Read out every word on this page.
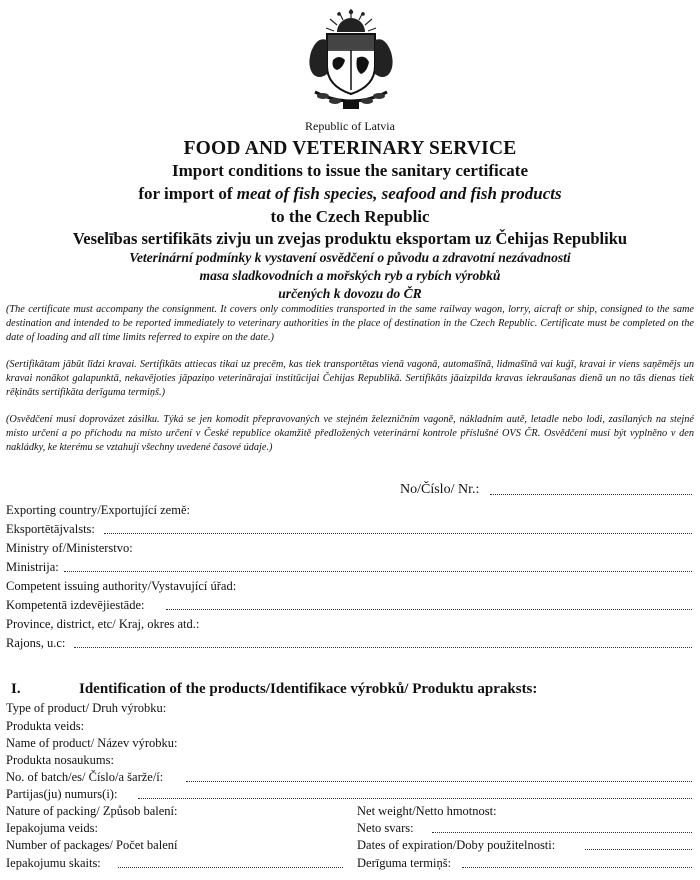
Republic of Latvia
FOOD AND VETERINARY SERVICE
Import conditions to issue the sanitary certificate
for import of meat of fish species, seafood and fish products
to the Czech Republic
Veselības sertifikāts zivju un zvejas produktu eksportam uz Čehijas Republiku
Veterinární podmínky k vystavení osvědčení o původu a zdravotní nezávadnosti
masa sladkovodních a mořských ryb a rybích výrobků
určených k dovozu do ČR

(The certificate must accompany the consignment. It covers only commodities transported in the same railway wagon, lorry, aicraft or ship, consigned to the same destination and intended to be reported immediately to veterinary authorities in the place of destination in the Czech Republic. Certificate must be completed on the date of loading and all time limits referred to expire on the date.)

(Sertifikātam jābūt līdzi kravai. Sertifikāts attiecas tikai uz precēm, kas tiek transportētas vienā vagonā, automašīnā, lidmašīnā vai kuģī, kravai ir viens saņēmējs un kravai nonākot galapunktā, nekavējoties jāpaziņo veterinārajai institūcijai Čehijas Republikā. Sertifikāts jāaizpilda kravas iekraušanas dienā un no tās dienas tiek rēķināts sertifikāta derīguma termiņš.)

(Osvědčení musí doprovázet zásilku. Týká se jen komodit přepravovaných ve stejném železničním vagoně, nákladním autě, letadle nebo lodi, zasílaných na stejné místo určení a po příchodu na místo určení v České republice okamžitě předložených veterinární kontrole příslušné OVS ČR. Osvědčení musí být vyplněno v den nakládky, ke kterému se vztahují všechny uvedené časové údaje.)

No/Číslo/ Nr.:
Exporting country/Exportující země:
Eksportētājvalsts:
Ministry of/Ministerstvo:
Ministrija:
Competent issuing authority/Vystavující úřad:
Kompetentā izdevējiestāde:
Province, district, etc/ Kraj, okres atd.:
Rajons, u.c:
I.	Identification of the products/Identifikace výrobků/ Produktu apraksts:
Type of product/ Druh výrobku:
Produkta veids:
Name of product/ Název výrobku:
Produkta nosaukums:
No. of batch/es/ Číslo/a šarže/í:
Partijas(ju) numurs(i):
Nature of packing/ Způsob balení:	Net weight/Netto hmotnost:
Iepakojuma veids:	Neto svars:
Number of packages/ Počet balení	Dates of expiration/Doby použitelnosti:
Iepakojumu skaits:	Derīguma termiņš:
